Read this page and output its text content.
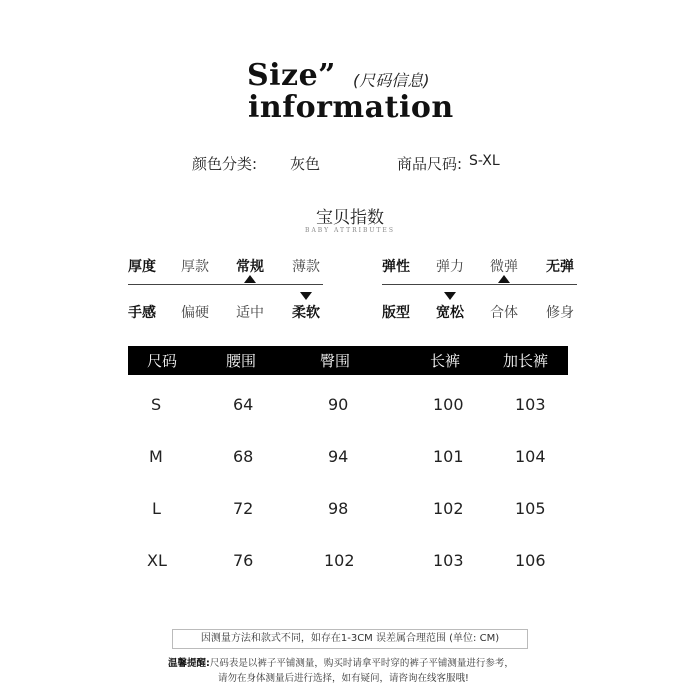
Size” (尺码信息)
information
颜色分类: 灰色	商品尺码: S-XL
宝贝指数
BABY ATTRIBUTES
厚度 厚款 常规 薄款	弹性 弹力 微弹 无弹
手感 偏硬 适中 柔软	版型 宽松 合体 修身
尺码	腰围	臀围	长裤	加长裤
S	64	90	100	103
M	68	94	101	104
L	72	98	102	105
XL	76	102	103	106
因测量方法和款式不同，如存在1-3CM 误差属合理范围 (单位: CM)
温馨提醒:尺码表是以裤子平铺测量，购买时请拿平时穿的裤子平铺测量进行参考，
请勿在身体测量后进行选择，如有疑问，请咨询在线客服哦!
